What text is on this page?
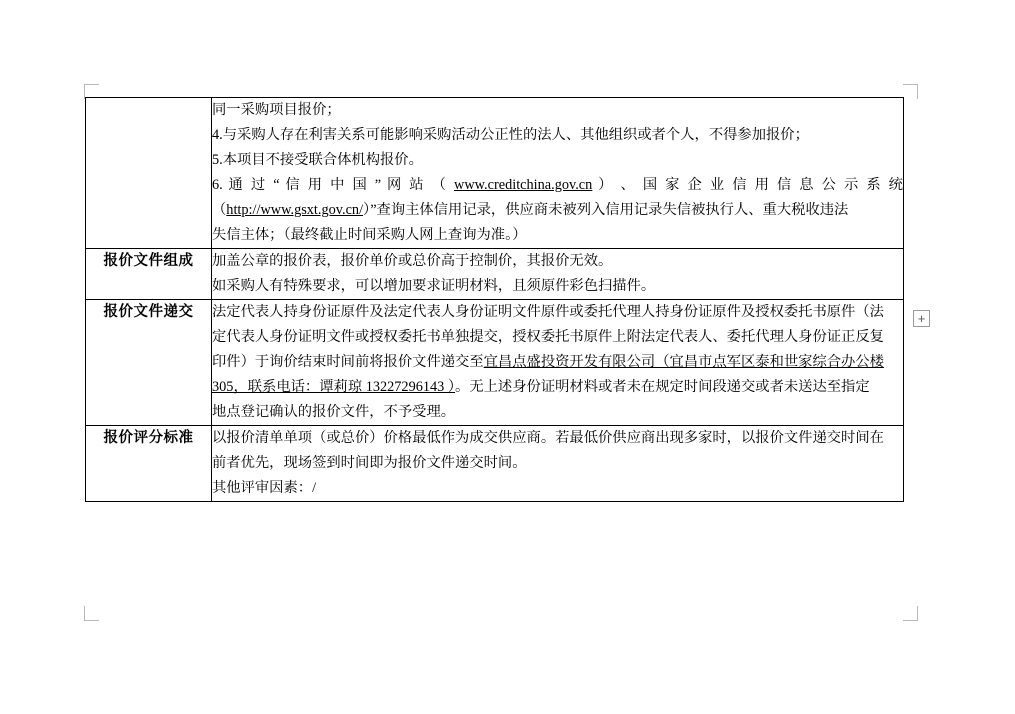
+

同一采购项目报价；
4.与采购人存在利害关系可能影响采购活动公正性的法人、其他组织或者个人，不得参加报价；
5.本项目不接受联合体机构报价。
6. 通 过 “ 信 用 中 国 ” 网 站 （ www.creditchina.gov.cn ） 、 国 家 企 业 信 用 信 息 公 示 系 统
（http://www.gsxt.gov.cn/）”查询主体信用记录，供应商未被列入信用记录失信被执行人、重大税收违法
失信主体；（最终截止时间采购人网上查询为准。）

报价文件组成	加盖公章的报价表，报价单价或总价高于控制价，其报价无效。
如采购人有特殊要求，可以增加要求证明材料，且须原件彩色扫描件。

报价文件递交	法定代表人持身份证原件及法定代表人身份证明文件原件或委托代理人持身份证原件及授权委托书原件（法
定代表人身份证明文件或授权委托书单独提交，授权委托书原件上附法定代表人、委托代理人身份证正反复
印件）于询价结束时间前将报价文件递交至宜昌点盛投资开发有限公司（宜昌市点军区泰和世家综合办公楼
305，联系电话：谭莉琼 13227296143 ）。无上述身份证明材料或者未在规定时间段递交或者未送达至指定
地点登记确认的报价文件，不予受理。

报价评分标准	以报价清单单项（或总价）价格最低作为成交供应商。若最低价供应商出现多家时，以报价文件递交时间在
前者优先，现场签到时间即为报价文件递交时间。
其他评审因素：/
